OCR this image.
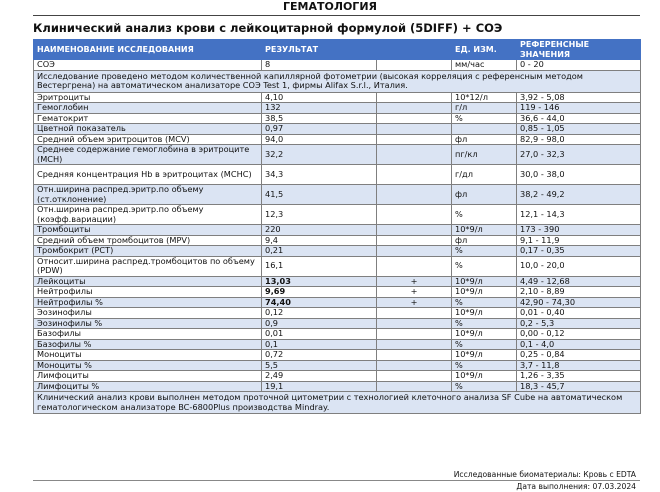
ГЕМАТОЛОГИЯ
Клинический анализ крови с лейкоцитарной формулой (5DIFF) + СОЭ
НАИМЕНОВАНИЕ ИССЛЕДОВАНИЯ	РЕЗУЛЬТАТ		ЕД. ИЗМ.	РЕФЕРЕНСНЫЕ ЗНАЧЕНИЯ
СОЭ	8		мм/час	0 - 20
Исследование проведено методом количественной капиллярной фотометрии (высокая корреляция с референсным методом Вестергрена) на автоматическом анализаторе СОЭ Test 1, фирмы Alifax S.r.l., Италия.				
Эритроциты	4,10		10*12/л	3,92 - 5,08
Гемоглобин	132		г/л	119 - 146
Гематокрит	38,5		%	36,6 - 44,0
Цветной показатель	0,97			0,85 - 1,05
Средний объем эритроцитов (MCV)	94,0		фл	82,9 - 98,0
Среднее содержание гемоглобина в эритроците (MCH)	32,2		пг/кл	27,0 - 32,3
Средняя концентрация Hb в эритроцитах (MCHC)	34,3		г/дл	30,0 - 38,0
Отн.ширина распред.эритр.по объему (ст.отклонение)	41,5		фл	38,2 - 49,2
Отн.ширина распред.эритр.по объему (коэфф.вариации)	12,3		%	12,1 - 14,3
Тромбоциты	220		10*9/л	173 - 390
Средний объем тромбоцитов (MPV)	9,4		фл	9,1 - 11,9
Тромбокрит (PCT)	0,21		%	0,17 - 0,35
Относит.ширина распред.тромбоцитов по объему (PDW)	16,1		%	10,0 - 20,0
Лейкоциты	13,03	+	10*9/л	4,49 - 12,68
Нейтрофилы	9,69	+	10*9/л	2,10 - 8,89
Нейтрофилы %	74,40	+	%	42,90 - 74,30
Эозинофилы	0,12		10*9/л	0,01 - 0,40
Эозинофилы %	0,9		%	0,2 - 5,3
Базофилы	0,01		10*9/л	0,00 - 0,12
Базофилы %	0,1		%	0,1 - 4,0
Моноциты	0,72		10*9/л	0,25 - 0,84
Моноциты %	5,5		%	3,7 - 11,8
Лимфоциты	2,49		10*9/л	1,26 - 3,35
Лимфоциты %	19,1		%	18,3 - 45,7
Клинический анализ крови выполнен методом проточной цитометрии с технологией клеточного анализа SF Cube на автоматическом гематологическом анализаторе BC-6800Plus производства Mindray.				
Исследованные биоматериалы: Кровь с EDTA
Дата выполнения: 07.03.2024
